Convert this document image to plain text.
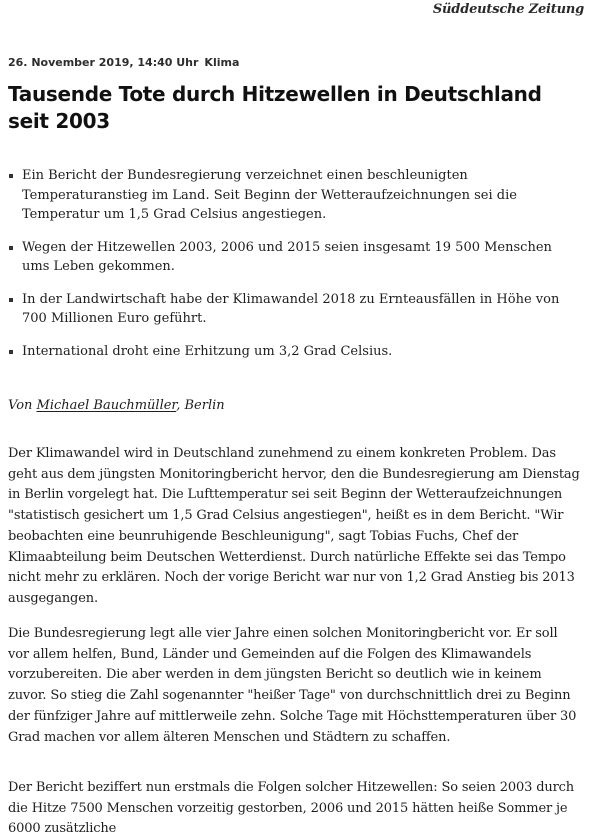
Süddeutsche Zeitung
26. November 2019, 14:40 Uhr Klima
Tausende Tote durch Hitzewellen in Deutschland seit 2003
Ein Bericht der Bundesregierung verzeichnet einen beschleunigten Temperaturanstieg im Land. Seit Beginn der Wetteraufzeichnungen sei die Temperatur um 1,5 Grad Celsius angestiegen.
Wegen der Hitzewellen 2003, 2006 und 2015 seien insgesamt 19 500 Menschen ums Leben gekommen.
In der Landwirtschaft habe der Klimawandel 2018 zu Ernteausfällen in Höhe von 700 Millionen Euro geführt.
International droht eine Erhitzung um 3,2 Grad Celsius.
Von Michael Bauchmüller, Berlin

Der Klimawandel wird in Deutschland zunehmend zu einem konkreten Problem. Das geht aus dem jüngsten Monitoringbericht hervor, den die Bundesregierung am Dienstag in Berlin vorgelegt hat. Die Lufttemperatur sei seit Beginn der Wetteraufzeichnungen "statistisch gesichert um 1,5 Grad Celsius angestiegen", heißt es in dem Bericht. "Wir beobachten eine beunruhigende Beschleunigung", sagt Tobias Fuchs, Chef der Klimaabteilung beim Deutschen Wetterdienst. Durch natürliche Effekte sei das Tempo nicht mehr zu erklären. Noch der vorige Bericht war nur von 1,2 Grad Anstieg bis 2013 ausgegangen.

Die Bundesregierung legt alle vier Jahre einen solchen Monitoringbericht vor. Er soll vor allem helfen, Bund, Länder und Gemeinden auf die Folgen des Klimawandels vorzubereiten. Die aber werden in dem jüngsten Bericht so deutlich wie in keinem zuvor. So stieg die Zahl sogenannter "heißer Tage" von durchschnittlich drei zu Beginn der fünfziger Jahre auf mittlerweile zehn. Solche Tage mit Höchsttemperaturen über 30 Grad machen vor allem älteren Menschen und Städtern zu schaffen.

Der Bericht beziffert nun erstmals die Folgen solcher Hitzewellen: So seien 2003 durch die Hitze 7500 Menschen vorzeitig gestorben, 2006 und 2015 hätten heiße Sommer je 6000 zusätzliche
